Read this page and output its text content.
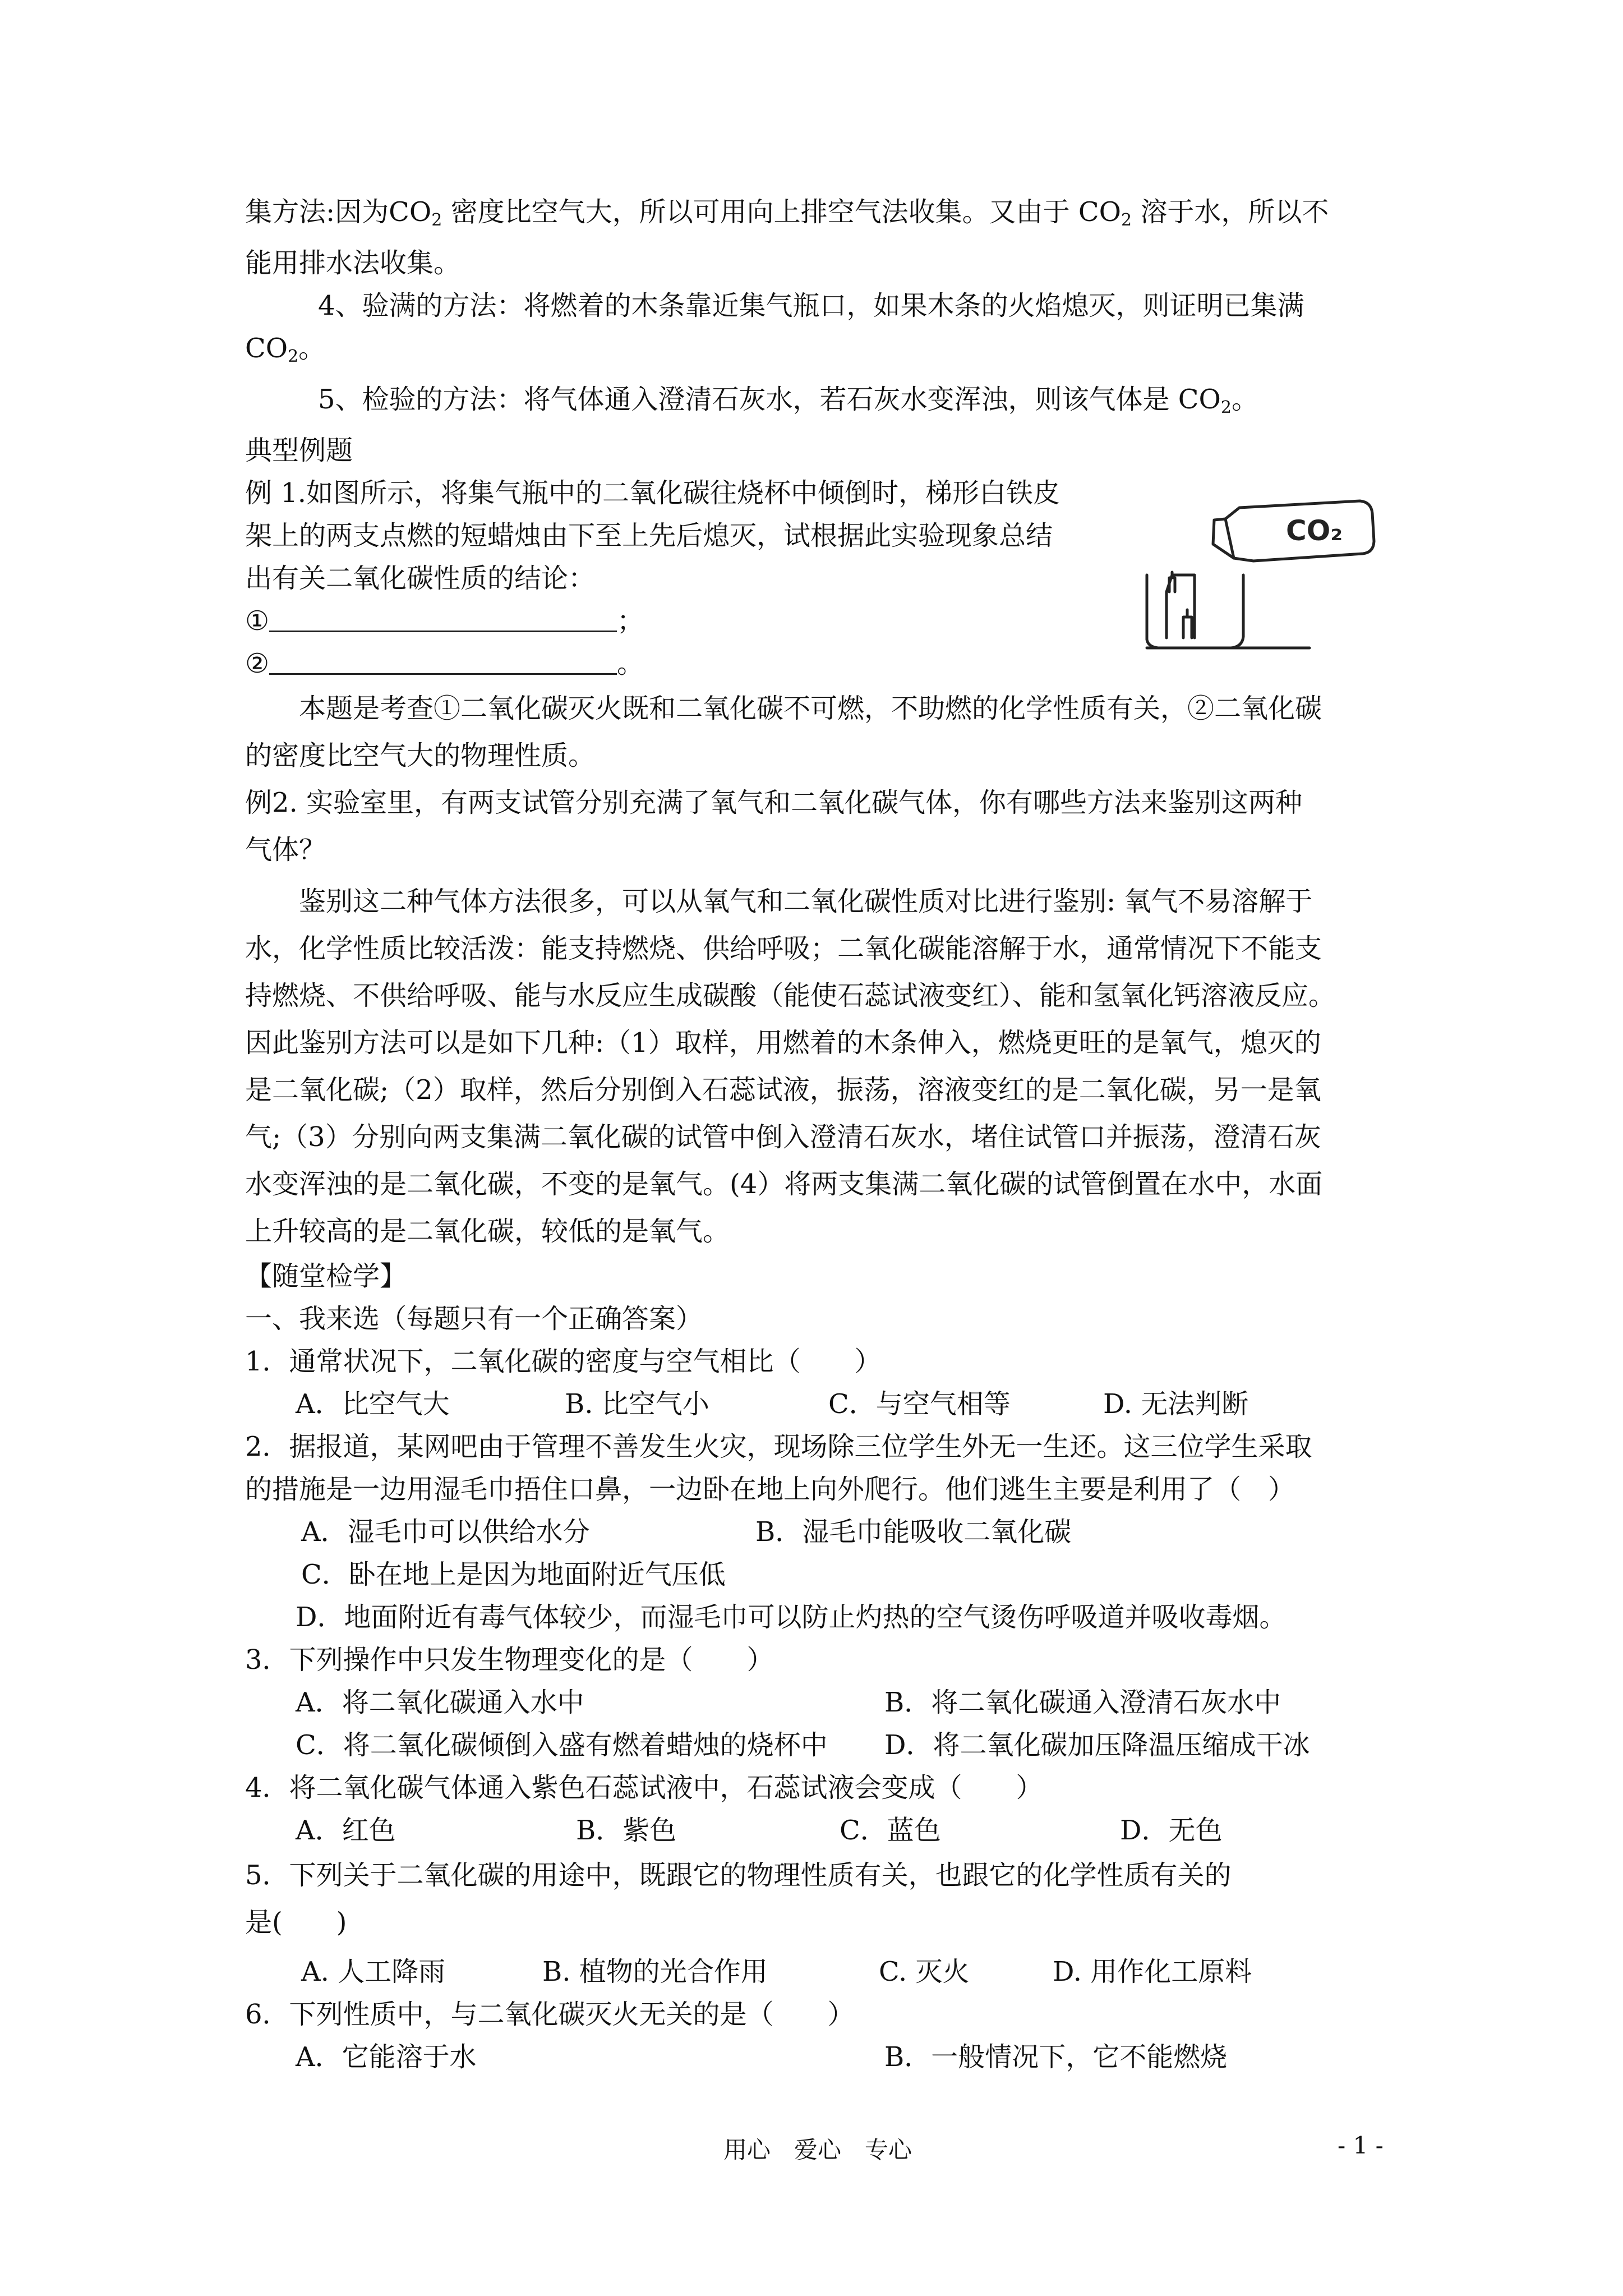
集方法:因为$CO_2$ 密度比空气大，所以可用向上排空气法收集。又由于 $CO_2$ 溶于水，所以不

能用排水法收集。

4、验满的方法：将燃着的木条靠近集气瓶口，如果木条的火焰熄灭，则证明已集满

$CO_2$。

5、检验的方法：将气体通入澄清石灰水，若石灰水变浑浊，则该气体是 $CO_2$。

典型例题

例 1.如图所示，将集气瓶中的二氧化碳往烧杯中倾倒时，梯形白铁皮

架上的两支点燃的短蜡烛由下至上先后熄灭，试根据此实验现象总结

出有关二氧化碳性质的结论：

①	；

②	。

本题是考查①二氧化碳灭火既和二氧化碳不可燃，不助燃的化学性质有关，②二氧化碳

的密度比空气大的物理性质。

例2. 实验室里，有两支试管分别充满了氧气和二氧化碳气体，你有哪些方法来鉴别这两种

气体？

鉴别这二种气体方法很多，可以从氧气和二氧化碳性质对比进行鉴别: 氧气不易溶解于

水，化学性质比较活泼：能支持燃烧、供给呼吸；二氧化碳能溶解于水，通常情况下不能支

持燃烧、不供给呼吸、能与水反应生成碳酸（能使石蕊试液变红）、能和氢氧化钙溶液反应。

因此鉴别方法可以是如下几种:（1）取样，用燃着的木条伸入，燃烧更旺的是氧气，熄灭的

是二氧化碳;（2）取样，然后分别倒入石蕊试液，振荡，溶液变红的是二氧化碳，另一是氧

气;（3）分别向两支集满二氧化碳的试管中倒入澄清石灰水，堵住试管口并振荡，澄清石灰

水变浑浊的是二氧化碳，不变的是氧气。(4）将两支集满二氧化碳的试管倒置在水中，水面

上升较高的是二氧化碳，较低的是氧气。

【随堂检学】

一、我来选（每题只有一个正确答案）

1．通常状况下，二氧化碳的密度与空气相比（　　）

A．比空气大	B. 比空气小	C．与空气相等	D. 无法判断

2．据报道，某网吧由于管理不善发生火灾，现场除三位学生外无一生还。这三位学生采取

的措施是一边用湿毛巾捂住口鼻，一边卧在地上向外爬行。他们逃生主要是利用了（　）

A．湿毛巾可以供给水分	B．湿毛巾能吸收二氧化碳

C．卧在地上是因为地面附近气压低

D．地面附近有毒气体较少，而湿毛巾可以防止灼热的空气烫伤呼吸道并吸收毒烟。

3．下列操作中只发生物理变化的是（　　）

A．将二氧化碳通入水中	B．将二氧化碳通入澄清石灰水中
C．将二氧化碳倾倒入盛有燃着蜡烛的烧杯中	D．将二氧化碳加压降温压缩成干冰

4．将二氧化碳气体通入紫色石蕊试液中，石蕊试液会变成（　　）

A．红色	B．紫色	C．蓝色	D．无色

5．下列关于二氧化碳的用途中，既跟它的物理性质有关，也跟它的化学性质有关的

是(　　)

A. 人工降雨	B. 植物的光合作用	C. 灭火	D. 用作化工原料

6．下列性质中，与二氧化碳灭火无关的是（　　）

A．它能溶于水	B．一般情况下，它不能燃烧
CO₂
用心　爱心　专心	- 1 -
